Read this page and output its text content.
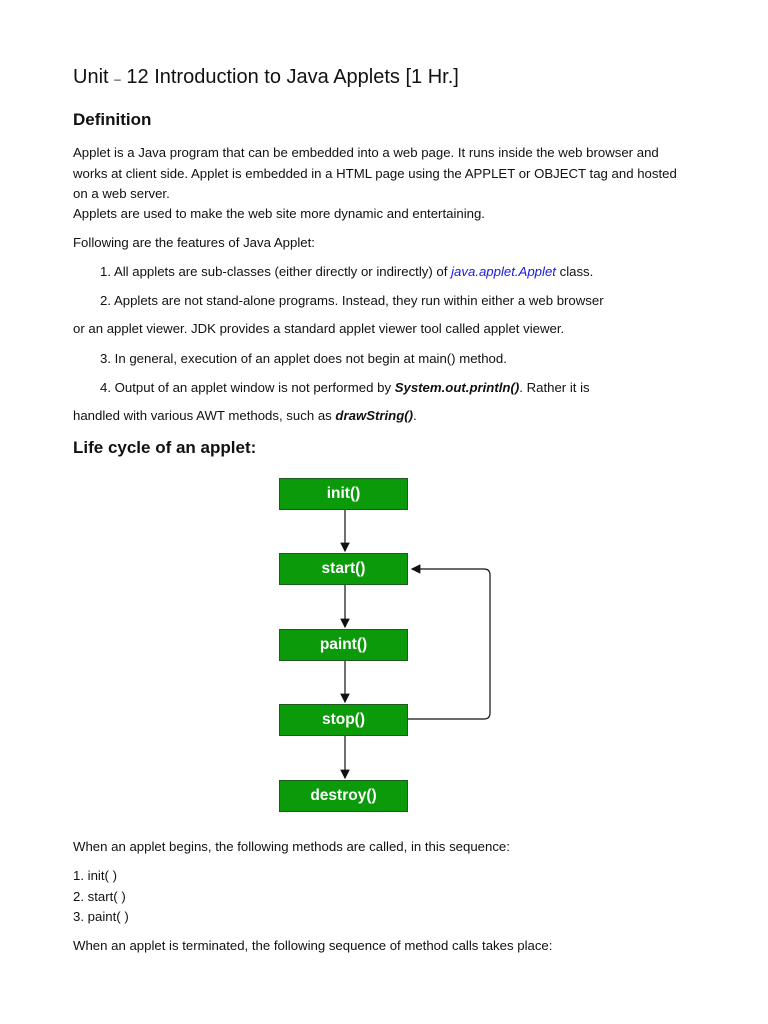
Unit – 12 Introduction to Java Applets [1 Hr.]
Definition
Applet is a Java program that can be embedded into a web page. It runs inside the web browser and works at client side. Applet is embedded in a HTML page using the APPLET or OBJECT tag and hosted on a web server.
Applets are used to make the web site more dynamic and entertaining.
Following are the features of Java Applet:
1. All applets are sub-classes (either directly or indirectly) of java.applet.Applet class.
2. Applets are not stand-alone programs. Instead, they run within either a web browser
or an applet viewer. JDK provides a standard applet viewer tool called applet viewer.
3. In general, execution of an applet does not begin at main() method.
4. Output of an applet window is not performed by System.out.println(). Rather it is
handled with various AWT methods, such as drawString().
Life cycle of an applet:
When an applet begins, the following methods are called, in this sequence:
1. init( )
2. start( )
3. paint( )
When an applet is terminated, the following sequence of method calls takes place:
init()
start()
paint()
stop()
destroy()
